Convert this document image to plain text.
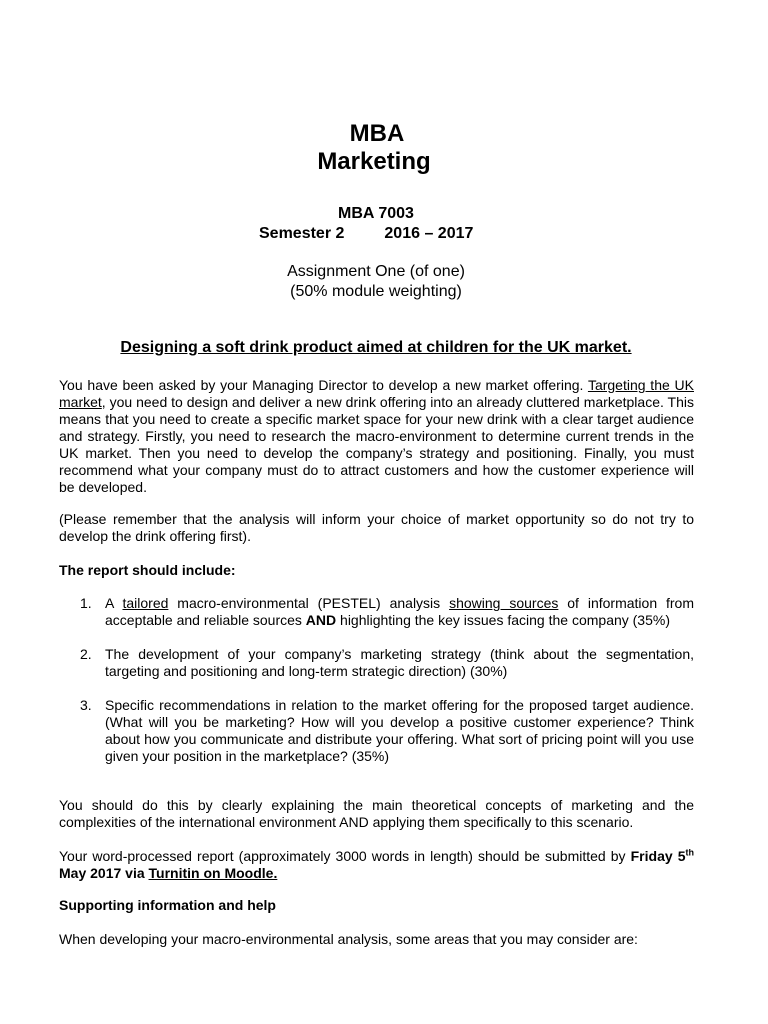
MBA
Marketing
MBA 7003
Semester 2	2016 – 2017
Assignment One (of one)
(50% module weighting)
Designing a soft drink product aimed at children for the UK market.

You have been asked by your Managing Director to develop a new market offering. Targeting the UK market, you need to design and deliver a new drink offering into an already cluttered marketplace. This means that you need to create a specific market space for your new drink with a clear target audience and strategy. Firstly, you need to research the macro-environment to determine current trends in the UK market. Then you need to develop the company’s strategy and positioning. Finally, you must recommend what your company must do to attract customers and how the customer experience will be developed.

(Please remember that the analysis will inform your choice of market opportunity so do not try to develop the drink offering first).

The report should include:

1. A tailored macro-environmental (PESTEL) analysis showing sources of information from acceptable and reliable sources AND highlighting the key issues facing the company (35%)
2. The development of your company’s marketing strategy (think about the segmentation, targeting and positioning and long-term strategic direction) (30%)
3. Specific recommendations in relation to the market offering for the proposed target audience. (What will you be marketing? How will you develop a positive customer experience? Think about how you communicate and distribute your offering. What sort of pricing point will you use given your position in the marketplace? (35%)

You should do this by clearly explaining the main theoretical concepts of marketing and the complexities of the international environment AND applying them specifically to this scenario.

Your word-processed report (approximately 3000 words in length) should be submitted by Friday 5th May 2017 via Turnitin on Moodle.

Supporting information and help

When developing your macro-environmental analysis, some areas that you may consider are:
